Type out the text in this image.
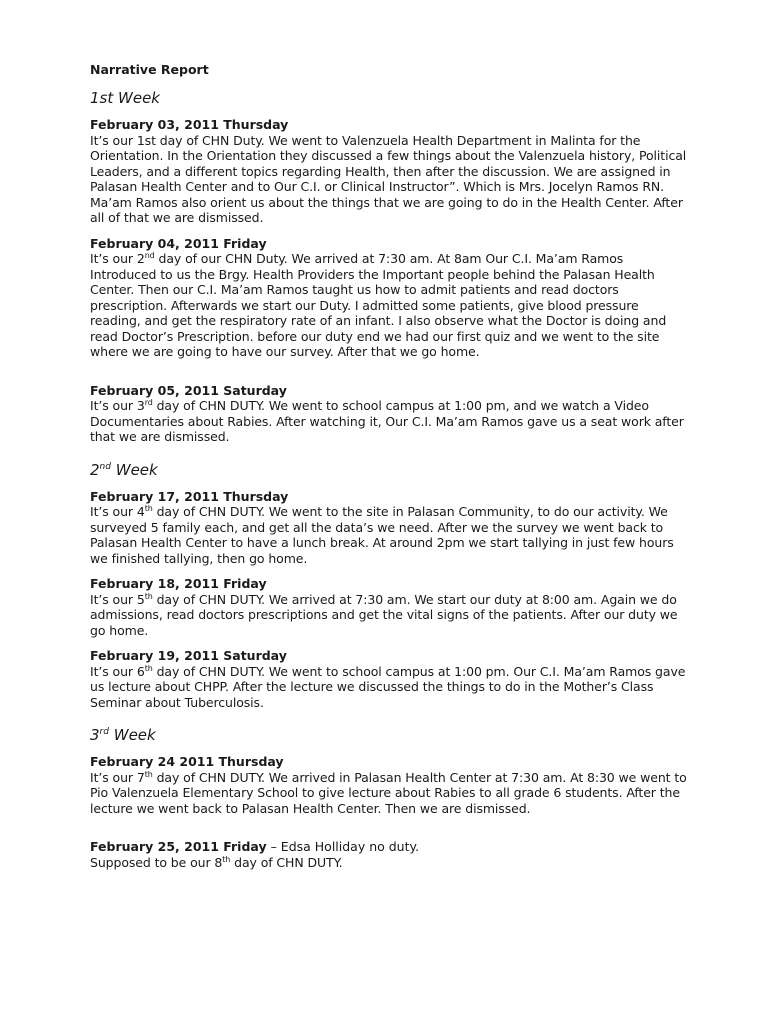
Narrative Report
1st Week
February 03, 2011 Thursday
It’s our 1st day of CHN Duty. We went to Valenzuela Health Department in Malinta for the Orientation. In the Orientation they discussed a few things about the Valenzuela history, Political Leaders, and a different topics regarding Health, then after the discussion. We are assigned in Palasan Health Center and to Our C.I. or Clinical Instructor”. Which is Mrs. Jocelyn Ramos RN. Ma’am Ramos also orient us about the things that we are going to do in the Health Center. After all of that we are dismissed.
February 04, 2011 Friday
It’s our 2nd day of our CHN Duty. We arrived at 7:30 am. At 8am Our C.I. Ma’am Ramos Introduced to us the Brgy. Health Providers the Important people behind the Palasan Health Center. Then our C.I. Ma’am Ramos taught us how to admit patients and read doctors prescription. Afterwards we start our Duty. I admitted some patients, give blood pressure reading, and get the respiratory rate of an infant. I also observe what the Doctor is doing and read Doctor’s Prescription. before our duty end we had our first quiz and we went to the site where we are going to have our survey. After that we go home.
February 05, 2011 Saturday
It’s our 3rd day of CHN DUTY. We went to school campus at 1:00 pm, and we watch a Video Documentaries about Rabies. After watching it, Our C.I. Ma’am Ramos gave us a seat work after that we are dismissed.
2nd Week
February 17, 2011 Thursday
It’s our 4th day of CHN DUTY. We went to the site in Palasan Community, to do our activity. We surveyed 5 family each, and get all the data’s we need. After we the survey we went back to Palasan Health Center to have a lunch break. At around 2pm we start tallying in just few hours we finished tallying, then go home.
February 18, 2011 Friday
It’s our 5th day of CHN DUTY. We arrived at 7:30 am. We start our duty at 8:00 am. Again we do admissions, read doctors prescriptions and get the vital signs of the patients. After our duty we go home.
February 19, 2011 Saturday
It’s our 6th day of CHN DUTY. We went to school campus at 1:00 pm. Our C.I. Ma’am Ramos gave us lecture about CHPP. After the lecture we discussed the things to do in the Mother’s Class Seminar about Tuberculosis.
3rd Week
February 24 2011 Thursday
It’s our 7th day of CHN DUTY. We arrived in Palasan Health Center at 7:30 am. At 8:30 we went to Pio Valenzuela Elementary School to give lecture about Rabies to all grade 6 students. After the lecture we went back to Palasan Health Center. Then we are dismissed.
February 25, 2011 Friday – Edsa Holliday no duty.
Supposed to be our 8th day of CHN DUTY.
